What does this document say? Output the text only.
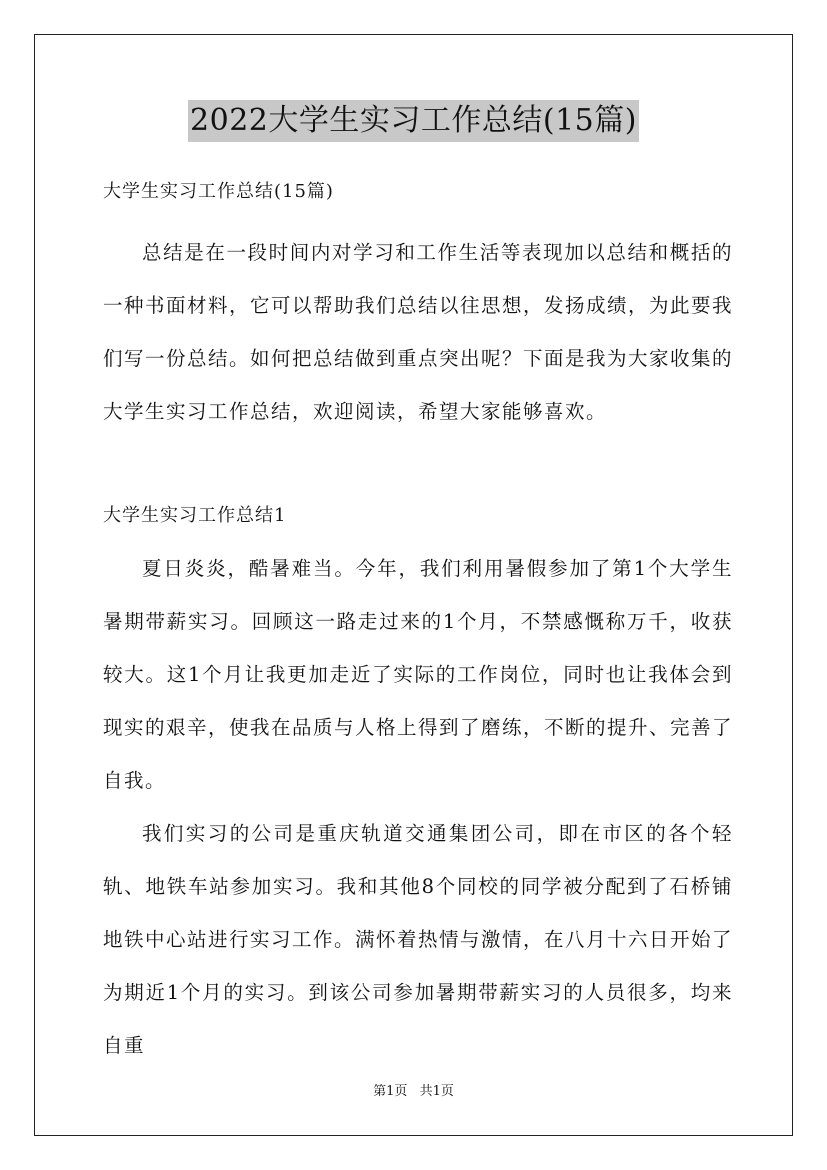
2022大学生实习工作总结(15篇)
大学生实习工作总结(15篇)

总结是在一段时间内对学习和工作生活等表现加以总结和概括的一种书面材料，它可以帮助我们总结以往思想，发扬成绩，为此要我们写一份总结。如何把总结做到重点突出呢？下面是我为大家收集的大学生实习工作总结，欢迎阅读，希望大家能够喜欢。

大学生实习工作总结1

夏日炎炎，酷暑难当。今年，我们利用暑假参加了第1个大学生暑期带薪实习。回顾这一路走过来的1个月，不禁感慨称万千，收获较大。这1个月让我更加走近了实际的工作岗位，同时也让我体会到现实的艰辛，使我在品质与人格上得到了磨练，不断的提升、完善了自我。

我们实习的公司是重庆轨道交通集团公司，即在市区的各个轻轨、地铁车站参加实习。我和其他8个同校的同学被分配到了石桥铺地铁中心站进行实习工作。满怀着热情与激情，在八月十六日开始了为期近1个月的实习。到该公司参加暑期带薪实习的人员很多，均来自重

第1页 共1页
